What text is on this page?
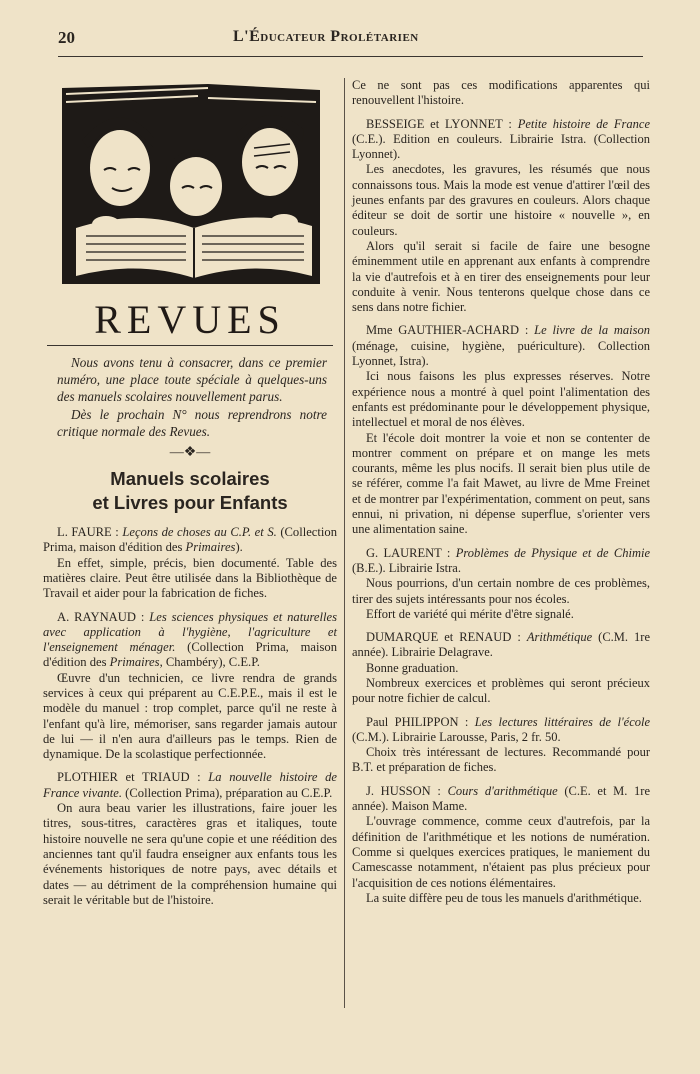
20	L'Éducateur Prolétarien
REVUES

Nous avons tenu à consacrer, dans ce premier numéro, une place toute spéciale à quelques-uns des manuels scolaires nouvellement parus.

Dès le prochain N° nous reprendrons notre critique normale des Revues.

—❖—
Manuels scolaires
et Livres pour Enfants

L. FAURE : Leçons de choses au C.P. et S. (Collection Prima, maison d'édition des Primaires).

En effet, simple, précis, bien documenté. Table des matières claire. Peut être utilisée dans la Bibliothèque de Travail et aider pour la fabrication de fiches.

A. RAYNAUD : Les sciences physiques et naturelles avec application à l'hygiène, l'agriculture et l'enseignement ménager. (Collection Prima, maison d'édition des Primaires, Chambéry), C.E.P.

Œuvre d'un technicien, ce livre rendra de grands services à ceux qui préparent au C.E.P.E., mais il est le modèle du manuel : trop complet, parce qu'il ne reste à l'enfant qu'à lire, mémoriser, sans regarder jamais autour de lui — il n'en aura d'ailleurs pas le temps. Rien de dynamique. De la scolastique perfectionnée.

PLOTHIER et TRIAUD : La nouvelle histoire de France vivante. (Collection Prima), préparation au C.E.P.

On aura beau varier les illustrations, faire jouer les titres, sous-titres, caractères gras et italiques, toute histoire nouvelle ne sera qu'une copie et une réédition des anciennes tant qu'il faudra enseigner aux enfants tous les événements historiques de notre pays, avec détails et dates — au détriment de la compréhension humaine qui serait le véritable but de l'histoire.

Ce ne sont pas ces modifications apparentes qui renouvellent l'histoire.

BESSEIGE et LYONNET : Petite histoire de France (C.E.). Edition en couleurs. Librairie Istra. (Collection Lyonnet).

Les anecdotes, les gravures, les résumés que nous connaissons tous. Mais la mode est venue d'attirer l'œil des jeunes enfants par des gravures en couleurs. Alors chaque éditeur se doit de sortir une histoire « nouvelle », en couleurs.

Alors qu'il serait si facile de faire une besogne éminemment utile en apprenant aux enfants à comprendre la vie d'autrefois et à en tirer des enseignements pour leur conduite à venir. Nous tenterons quelque chose dans ce sens dans notre fichier.

Mme GAUTHIER-ACHARD : Le livre de la maison (ménage, cuisine, hygiène, puériculture). Collection Lyonnet, Istra).

Ici nous faisons les plus expresses réserves. Notre expérience nous a montré à quel point l'alimentation des enfants est prédominante pour le développement physique, intellectuel et moral de nos élèves.

Et l'école doit montrer la voie et non se contenter de montrer comment on prépare et on mange les mets courants, même les plus nocifs. Il serait bien plus utile de se référer, comme l'a fait Mawet, au livre de Mme Freinet et de montrer par l'expérimentation, comment on peut, sans ennui, ni privation, ni dépense superflue, s'orienter vers une alimentation saine.

G. LAURENT : Problèmes de Physique et de Chimie (B.E.). Librairie Istra.

Nous pourrions, d'un certain nombre de ces problèmes, tirer des sujets intéressants pour nos écoles.

Effort de variété qui mérite d'être signalé.

DUMARQUE et RENAUD : Arithmétique (C.M. 1re année). Librairie Delagrave.

Bonne graduation.

Nombreux exercices et problèmes qui seront précieux pour notre fichier de calcul.

Paul PHILIPPON : Les lectures littéraires de l'école (C.M.). Librairie Larousse, Paris, 2 fr. 50.

Choix très intéressant de lectures. Recommandé pour B.T. et préparation de fiches.

J. HUSSON : Cours d'arithmétique (C.E. et M. 1re année). Maison Mame.

L'ouvrage commence, comme ceux d'autrefois, par la définition de l'arithmétique et les notions de numération. Comme si quelques exercices pratiques, le maniement du Camescasse notamment, n'étaient pas plus précieux pour l'acquisition de ces notions élémentaires.

La suite diffère peu de tous les manuels d'arithmétique.
